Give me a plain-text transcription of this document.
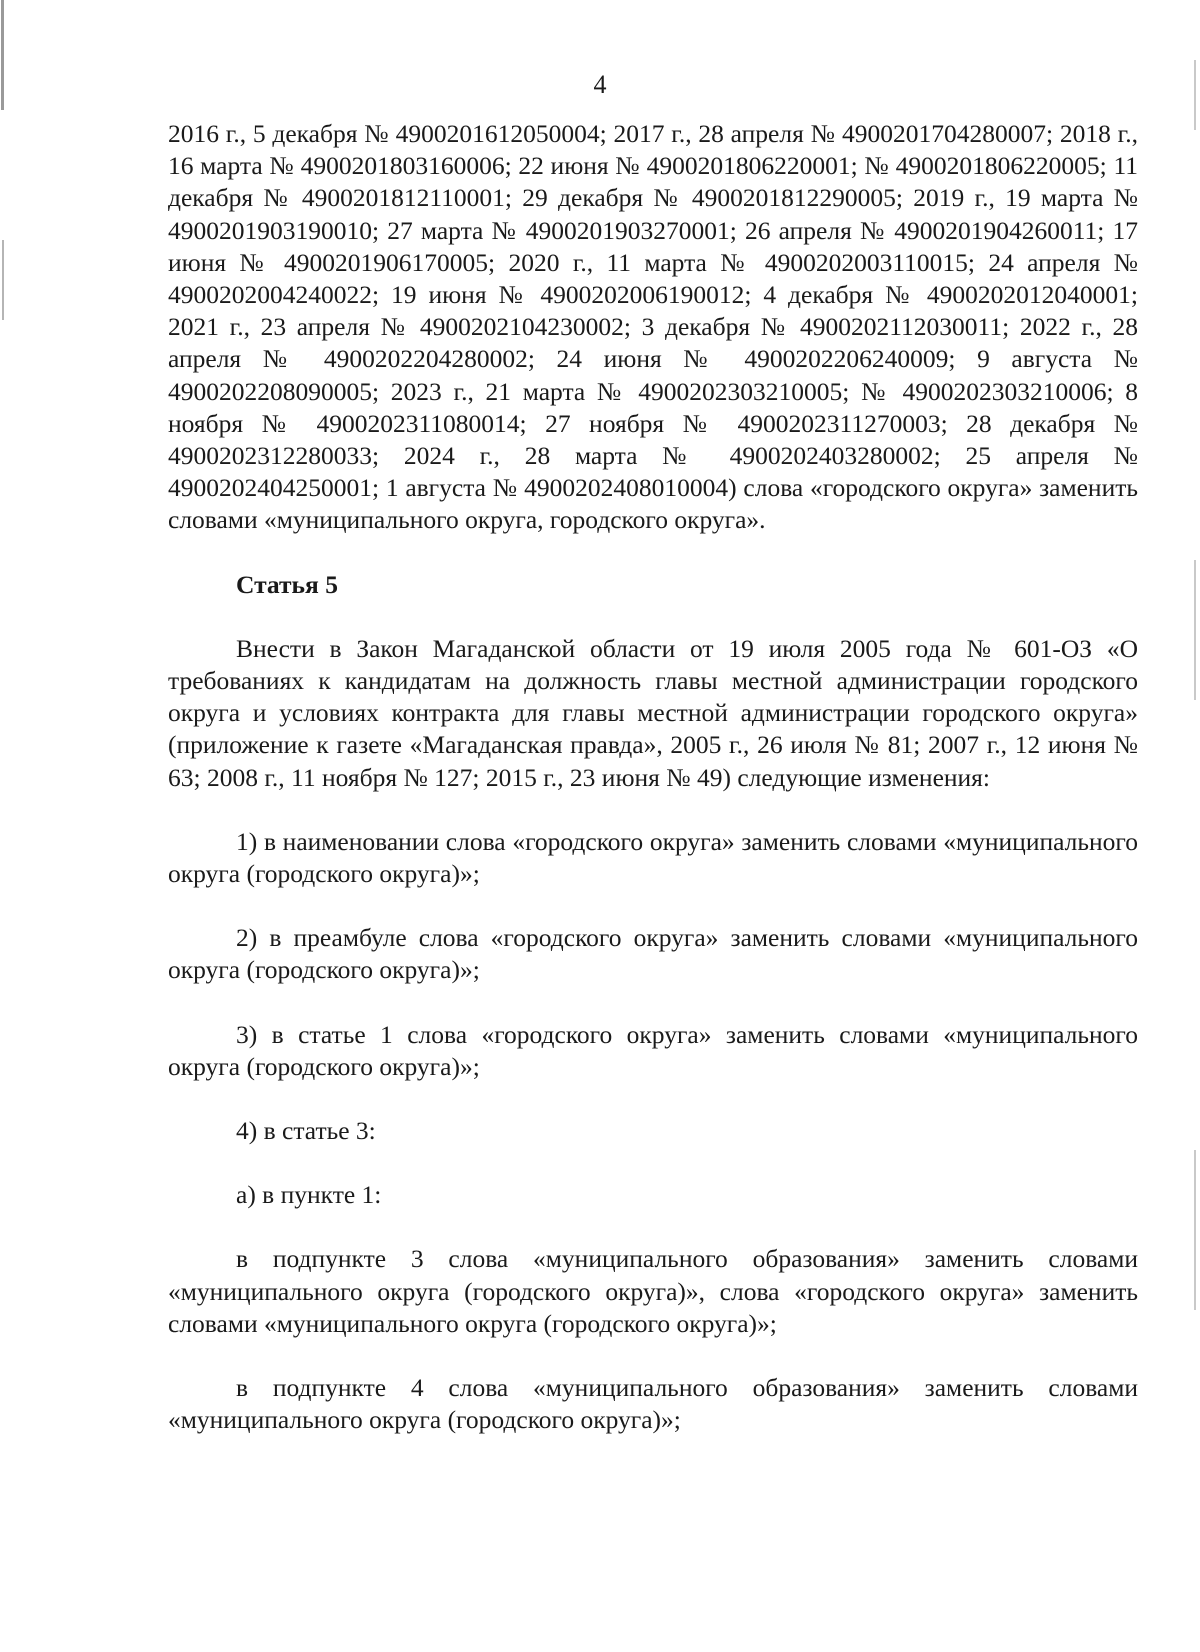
4

2016 г., 5 декабря № 4900201612050004; 2017 г., 28 апреля № 4900201704280007; 2018 г., 16 марта № 4900201803160006; 22 июня № 4900201806220001; № 4900201806220005; 11 декабря № 4900201812110001; 29 декабря № 4900201812290005; 2019 г., 19 марта № 4900201903190010; 27 марта № 4900201903270001; 26 апреля № 4900201904260011; 17 июня № 4900201906170005; 2020 г., 11 марта № 4900202003110015; 24 апреля № 4900202004240022; 19 июня № 4900202006190012; 4 декабря № 4900202012040001; 2021 г., 23 апреля № 4900202104230002; 3 декабря № 4900202112030011; 2022 г., 28 апреля № 4900202204280002; 24 июня № 4900202206240009; 9 августа № 4900202208090005; 2023 г., 21 марта № 4900202303210005; № 4900202303210006; 8 ноября № 4900202311080014; 27 ноября № 4900202311270003; 28 декабря № 4900202312280033; 2024 г., 28 марта № 4900202403280002; 25 апреля № 4900202404250001; 1 августа № 4900202408010004) слова «городского округа» заменить словами «муниципального округа, городского округа».

Статья 5

Внести в Закон Магаданской области от 19 июля 2005 года № 601-ОЗ «О требованиях к кандидатам на должность главы местной администрации городского округа и условиях контракта для главы местной администрации городского округа» (приложение к газете «Магаданская правда», 2005 г., 26 июля № 81; 2007 г., 12 июня № 63; 2008 г., 11 ноября № 127; 2015 г., 23 июня № 49) следующие изменения:

1) в наименовании слова «городского округа» заменить словами «муниципального округа (городского округа)»;

2) в преамбуле слова «городского округа» заменить словами «муниципального округа (городского округа)»;

3) в статье 1 слова «городского округа» заменить словами «муниципального округа (городского округа)»;

4) в статье 3:

а) в пункте 1:

в подпункте 3 слова «муниципального образования» заменить словами «муниципального округа (городского округа)», слова «городского округа» заменить словами «муниципального округа (городского округа)»;

в подпункте 4 слова «муниципального образования» заменить словами «муниципального округа (городского округа)»;
